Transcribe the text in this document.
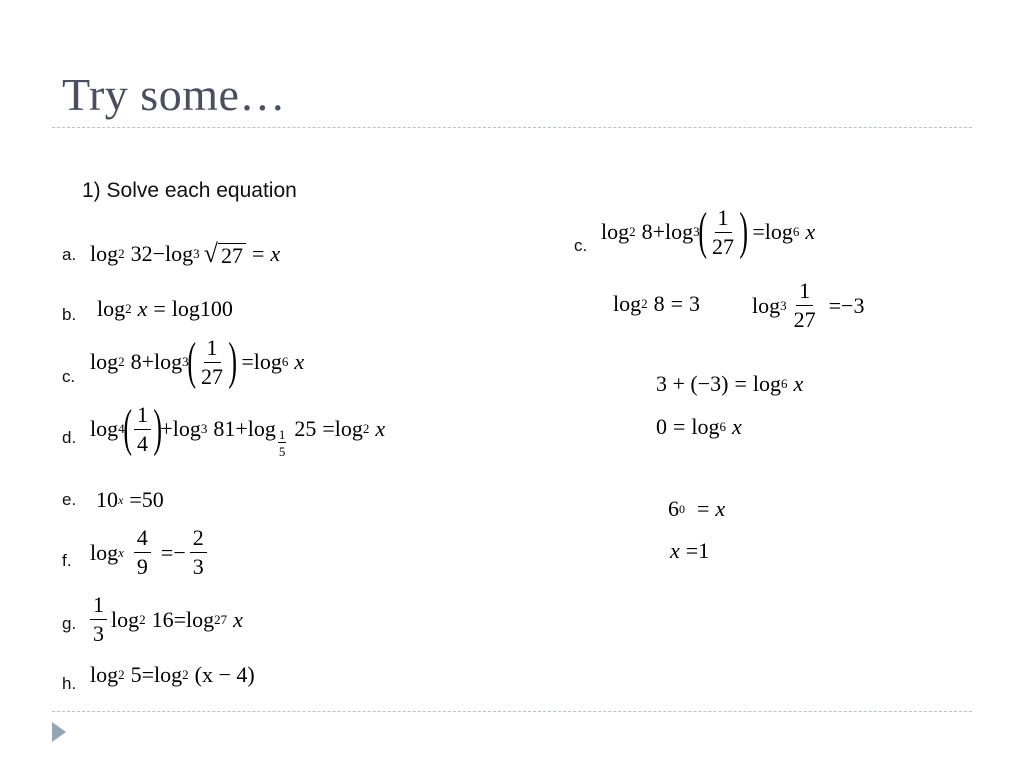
Try some…
1) Solve each equation
a.
b.
c.
d.
e.
f.
g.
h.
log 2 32 − log 3 √ 27 = x
log 2 x = log100
log 2 8 + log 3
( $\frac{1}{27}$ ) = log 6 x
log 4
( $\frac{1}{4}$ )
+ log 3 81 + log 1
5
25 = log 2 x
10 x = 50
log x $\frac{4}{9}$ = − $\frac{2}{3}$
$\frac{1}{3}$ log 2 16 = log 27 x
log 2 5 = log 2 (x − 4)
c.
log 2 8 + log 3
( $\frac{1}{27}$ ) = log 6 x
log 2 8 = 3 $\log 3 \frac{1}{27} = -3$
3 + (−3) = log 6 x
0 = log 6 x
6 0 = x
x = 1
